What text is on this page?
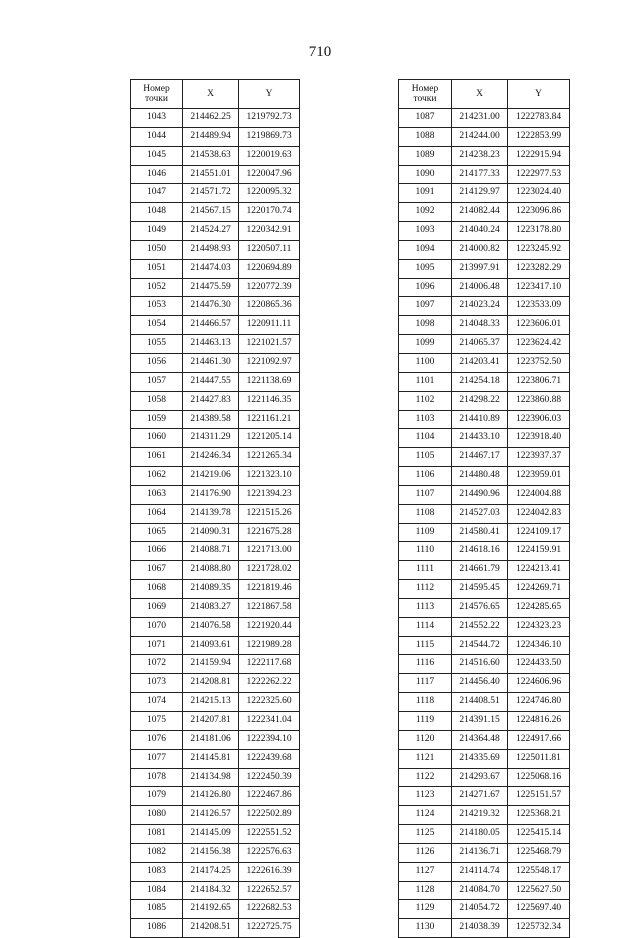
710
Номер
точки	X	Y
1043	214462.25	1219792.73
1044	214489.94	1219869.73
1045	214538.63	1220019.63
1046	214551.01	1220047.96
1047	214571.72	1220095.32
1048	214567.15	1220170.74
1049	214524.27	1220342.91
1050	214498.93	1220507.11
1051	214474.03	1220694.89
1052	214475.59	1220772.39
1053	214476.30	1220865.36
1054	214466.57	1220911.11
1055	214463.13	1221021.57
1056	214461.30	1221092.97
1057	214447.55	1221138.69
1058	214427.83	1221146.35
1059	214389.58	1221161.21
1060	214311.29	1221205.14
1061	214246.34	1221265.34
1062	214219.06	1221323.10
1063	214176.90	1221394.23
1064	214139.78	1221515.26
1065	214090.31	1221675.28
1066	214088.71	1221713.00
1067	214088.80	1221728.02
1068	214089.35	1221819.46
1069	214083.27	1221867.58
1070	214076.58	1221920.44
1071	214093.61	1221989.28
1072	214159.94	1222117.68
1073	214208.81	1222262.22
1074	214215.13	1222325.60
1075	214207.81	1222341.04
1076	214181.06	1222394.10
1077	214145.81	1222439.68
1078	214134.98	1222450.39
1079	214126.80	1222467.86
1080	214126.57	1222502.89
1081	214145.09	1222551.52
1082	214156.38	1222576.63
1083	214174.25	1222616.39
1084	214184.32	1222652.57
1085	214192.65	1222682.53
1086	214208.51	1222725.75
Номер
точки	X	Y
1087	214231.00	1222783.84
1088	214244.00	1222853.99
1089	214238.23	1222915.94
1090	214177.33	1222977.53
1091	214129.97	1223024.40
1092	214082.44	1223096.86
1093	214040.24	1223178.80
1094	214000.82	1223245.92
1095	213997.91	1223282.29
1096	214006.48	1223417.10
1097	214023.24	1223533.09
1098	214048.33	1223606.01
1099	214065.37	1223624.42
1100	214203.41	1223752.50
1101	214254.18	1223806.71
1102	214298.22	1223860.88
1103	214410.89	1223906.03
1104	214433.10	1223918.40
1105	214467.17	1223937.37
1106	214480.48	1223959.01
1107	214490.96	1224004.88
1108	214527.03	1224042.83
1109	214580.41	1224109.17
1110	214618.16	1224159.91
1111	214661.79	1224213.41
1112	214595.45	1224269.71
1113	214576.65	1224285.65
1114	214552.22	1224323.23
1115	214544.72	1224346.10
1116	214516.60	1224433.50
1117	214456.40	1224606.96
1118	214408.51	1224746.80
1119	214391.15	1224816.26
1120	214364.48	1224917.66
1121	214335.69	1225011.81
1122	214293.67	1225068.16
1123	214271.67	1225151.57
1124	214219.32	1225368.21
1125	214180.05	1225415.14
1126	214136.71	1225468.79
1127	214114.74	1225548.17
1128	214084.70	1225627.50
1129	214054.72	1225697.40
1130	214038.39	1225732.34
